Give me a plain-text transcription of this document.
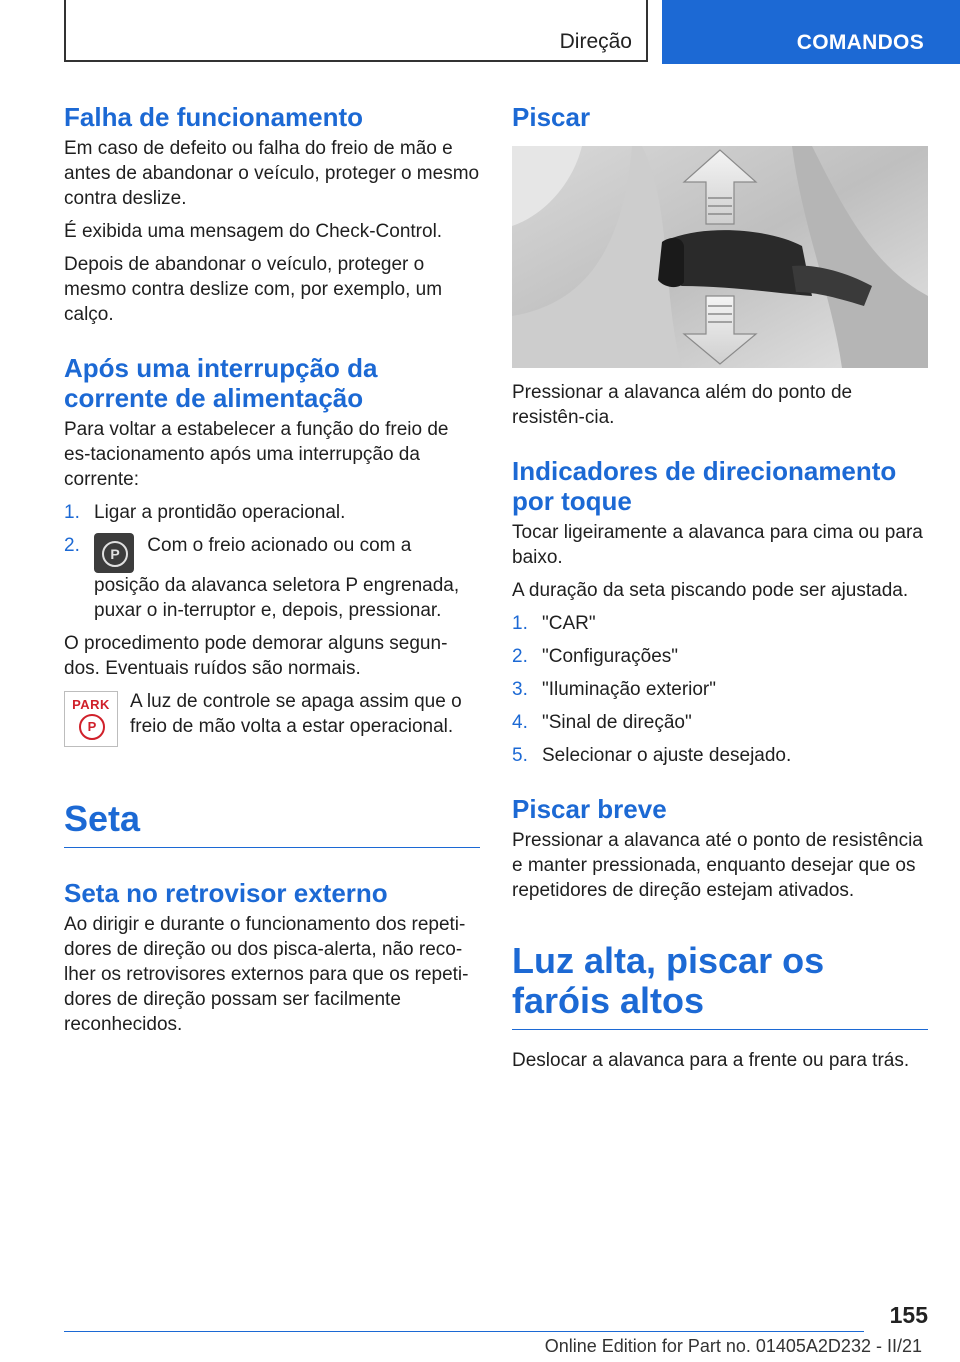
Direção	COMANDOS
Falha de funcionamento

Em caso de defeito ou falha do freio de mão e antes de abandonar o veículo, proteger o mesmo contra deslize.

É exibida uma mensagem do Check-Control.

Depois de abandonar o veículo, proteger o mesmo contra deslize com, por exemplo, um calço.

Após uma interrupção da corrente de alimentação

Para voltar a estabelecer a função do freio de es-tacionamento após uma interrupção da corrente:

1. Ligar a prontidão operacional.
2.	P	Com o freio acionado ou com a posição da alavanca seletora P engrenada, puxar o in-terruptor e, depois, pressionar.

O procedimento pode demorar alguns segun-dos. Eventuais ruídos são normais.

PARK
P

A luz de controle se apaga assim que o freio de mão volta a estar operacional.

Seta
Seta no retrovisor externo

Ao dirigir e durante o funcionamento dos repeti-dores de direção ou dos pisca-alerta, não reco-lher os retrovisores externos para que os repeti-dores de direção possam ser facilmente reconhecidos.

Piscar

Pressionar a alavanca além do ponto de resistên-cia.

Indicadores de direcionamento por toque

Tocar ligeiramente a alavanca para cima ou para baixo.

A duração da seta piscando pode ser ajustada.

1. "CAR"
2. "Configurações"
3. "Iluminação exterior"
4. "Sinal de direção"
5. Selecionar o ajuste desejado.
Piscar breve

Pressionar a alavanca até o ponto de resistência e manter pressionada, enquanto desejar que os repetidores de direção estejam ativados.

Luz alta, piscar os faróis altos

Deslocar a alavanca para a frente ou para trás.

155
Online Edition for Part no. 01405A2D232 - II/21
